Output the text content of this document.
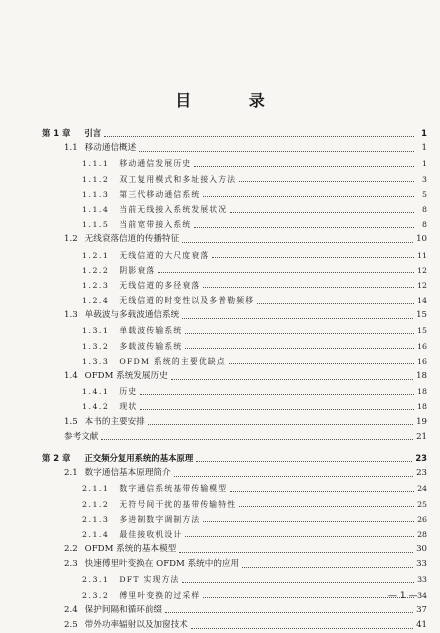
目 录
第 1 章 引言	1
1.1 移动通信概述	1
1.1.1 移动通信发展历史	1
1.1.2 双工复用模式和多址接入方法	3
1.1.3 第三代移动通信系统	5
1.1.4 当前无线接入系统发展状况	8
1.1.5 当前宽带接入系统	8
1.2 无线衰落信道的传播特征	10
1.2.1 无线信道的大尺度衰落	11
1.2.2 阴影衰落	12
1.2.3 无线信道的多径衰落	12
1.2.4 无线信道的时变性以及多普勒频移	14
1.3 单载波与多载波通信系统	15
1.3.1 单载波传输系统	15
1.3.2 多载波传输系统	16
1.3.3 OFDM 系统的主要优缺点	16
1.4 OFDM 系统发展历史	18
1.4.1 历史	18
1.4.2 现状	18
1.5 本书的主要安排	19
参考文献	21
第 2 章 正交频分复用系统的基本原理	23
2.1 数字通信基本原理简介	23
2.1.1 数字通信系统基带传输模型	24
2.1.2 无符号间干扰的基带传输特性	25
2.1.3 多进制数字调制方法	26
2.1.4 最佳接收机设计	28
2.2 OFDM 系统的基本模型	30
2.3 快速傅里叶变换在 OFDM 系统中的应用	33
2.3.1 DFT 实现方法	33
2.3.2 傅里叶变换的过采样	34
2.4 保护间隔和循环前缀	37
2.5 带外功率辐射以及加窗技术	41
— 1 —
